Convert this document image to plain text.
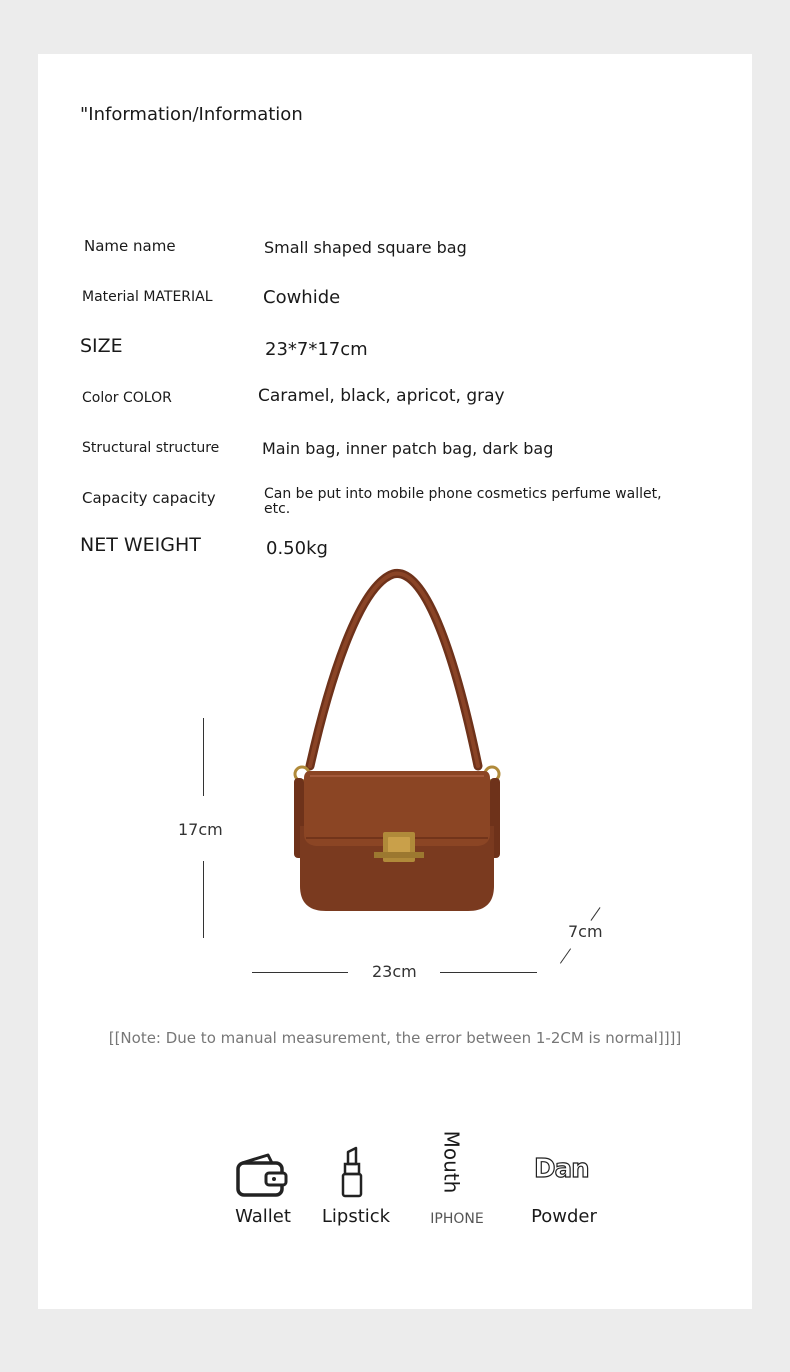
"Information/Information
Name name	Small shaped square bag
Material MATERIAL	Cowhide
SIZE	23*7*17cm
Color COLOR	Caramel, black, apricot, gray
Structural structure	Main bag, inner patch bag, dark bag
Capacity capacity	Can be put into mobile phone cosmetics perfume wallet, etc.
NET WEIGHT	0.50kg
17cm
23cm
7cm
[[Note: Due to manual measurement, the error between 1-2CM is normal]]]]
Wallet	Lipstick
Mouth
IPHONE
Dan
Powder
